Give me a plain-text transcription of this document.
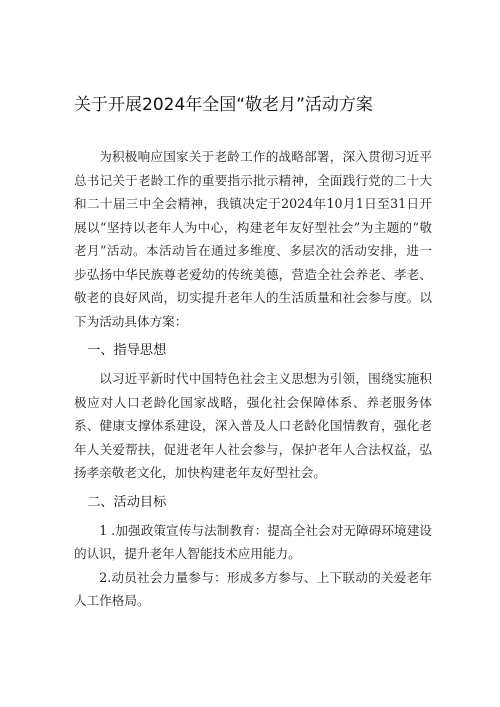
关于开展2024年全国“敬老月”活动方案

为积极响应国家关于老龄工作的战略部署，深入贯彻习近平总书记关于老龄工作的重要指示批示精神，全面践行党的二十大和二十届三中全会精神，我镇决定于2024年10月1日至31日开展以“坚持以老年人为中心，构建老年友好型社会”为主题的“敬老月”活动。本活动旨在通过多维度、多层次的活动安排，进一步弘扬中华民族尊老爱幼的传统美德，营造全社会养老、孝老、敬老的良好风尚，切实提升老年人的生活质量和社会参与度。以下为活动具体方案：

一、指导思想

以习近平新时代中国特色社会主义思想为引领，围绕实施积极应对人口老龄化国家战略，强化社会保障体系、养老服务体系、健康支撑体系建设，深入普及人口老龄化国情教育，强化老年人关爱帮扶，促进老年人社会参与，保护老年人合法权益，弘扬孝亲敬老文化，加快构建老年友好型社会。

二、活动目标

1 .加强政策宣传与法制教育：提高全社会对无障碍环境建设的认识，提升老年人智能技术应用能力。

2.动员社会力量参与：形成多方参与、上下联动的关爱老年人工作格局。
